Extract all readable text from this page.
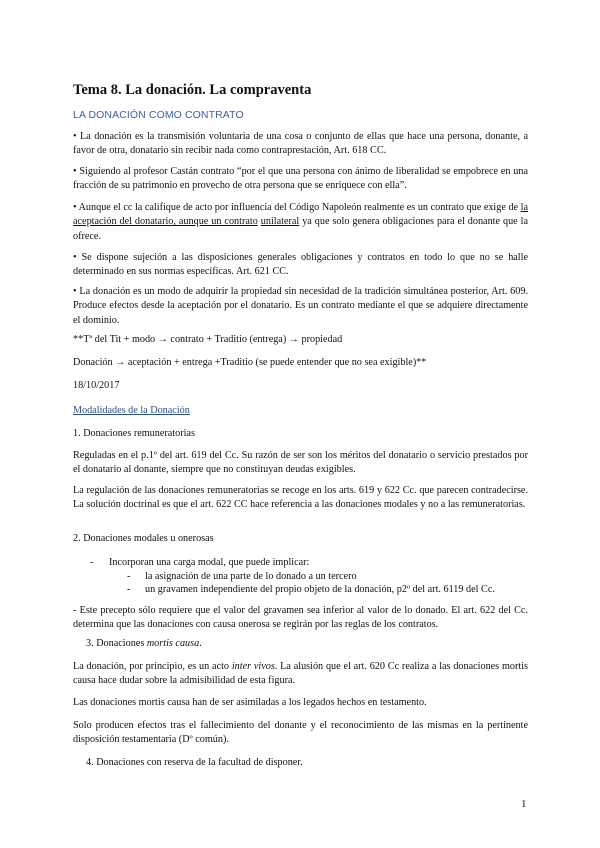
Tema 8. La donación. La compraventa
LA DONACIÓN COMO CONTRATO
• La donación es la transmisión voluntaria de una cosa o conjunto de ellas que hace una persona, donante, a favor de otra, donatario sin recibir nada como contraprestación, Art. 618 CC.
• Siguiendo al profesor Castán contrato “por el que una persona con ánimo de liberalidad se empobrece en una fracción de su patrimonio en provecho de otra persona que se enriquece con ella”.
• Aunque el cc la califique de acto por influencia del Código Napoleón realmente es un contrato que exige de la aceptación del donatario, aunque un contrato unilateral ya que solo genera obligaciones para el donante que la ofrece.
• Se dispone sujeción a las disposiciones generales obligaciones y contratos en todo lo que no se halle determinado en sus normas específicas. Art. 621 CC.
• La donación es un modo de adquirir la propiedad sin necesidad de la tradición simultánea posterior, Art. 609. Produce efectos desde la aceptación por el donatario. Es un contrato mediante el que se adquiere directamente el dominio.
**Tª del Tit + modo → contrato + Traditio (entrega) → propiedad
Donación → aceptación + entrega +Traditio (se puede entender que no sea exigible)**
18/10/2017
Modalidades de la Donación
1. Donaciones remuneratorias
Reguladas en el p.1º del art. 619 del Cc. Su razón de ser son los méritos del donatario o servicio prestados por el donatario al donante, siempre que no constituyan deudas exigibles.
La regulación de las donaciones remuneratorias se recoge en los arts. 619 y 622 Cc. que parecen contradecirse. La solución doctrinal es que el art. 622 CC hace referencia a las donaciones modales y no a las remuneratorias.
2. Donaciones modales u onerosas
- Incorporan una carga modal, que puede implicar:
- la asignación de una parte de lo donado a un tercero
- un gravamen independiente del propio objeto de la donación, p2º del art. 6119 del Cc.
- Este precepto sólo requiere que el valor del gravamen sea inferior al valor de lo donado. El art. 622 del Cc. determina que las donaciones con causa onerosa se regirán por las reglas de los contratos.
3. Donaciones mortis causa.
La donación, por principio, es un acto inter vivos. La alusión que el art. 620 Cc realiza a las donaciones mortis causa hace dudar sobre la admisibilidad de esta figura.
Las donaciones mortis causa han de ser asimiladas a los legados hechos en testamento.
Solo producen efectos tras el fallecimiento del donante y el reconocimiento de las mismas en la pertinente disposición testamentaria (Dº común).
4. Donaciones con reserva de la facultad de disponer.
1
